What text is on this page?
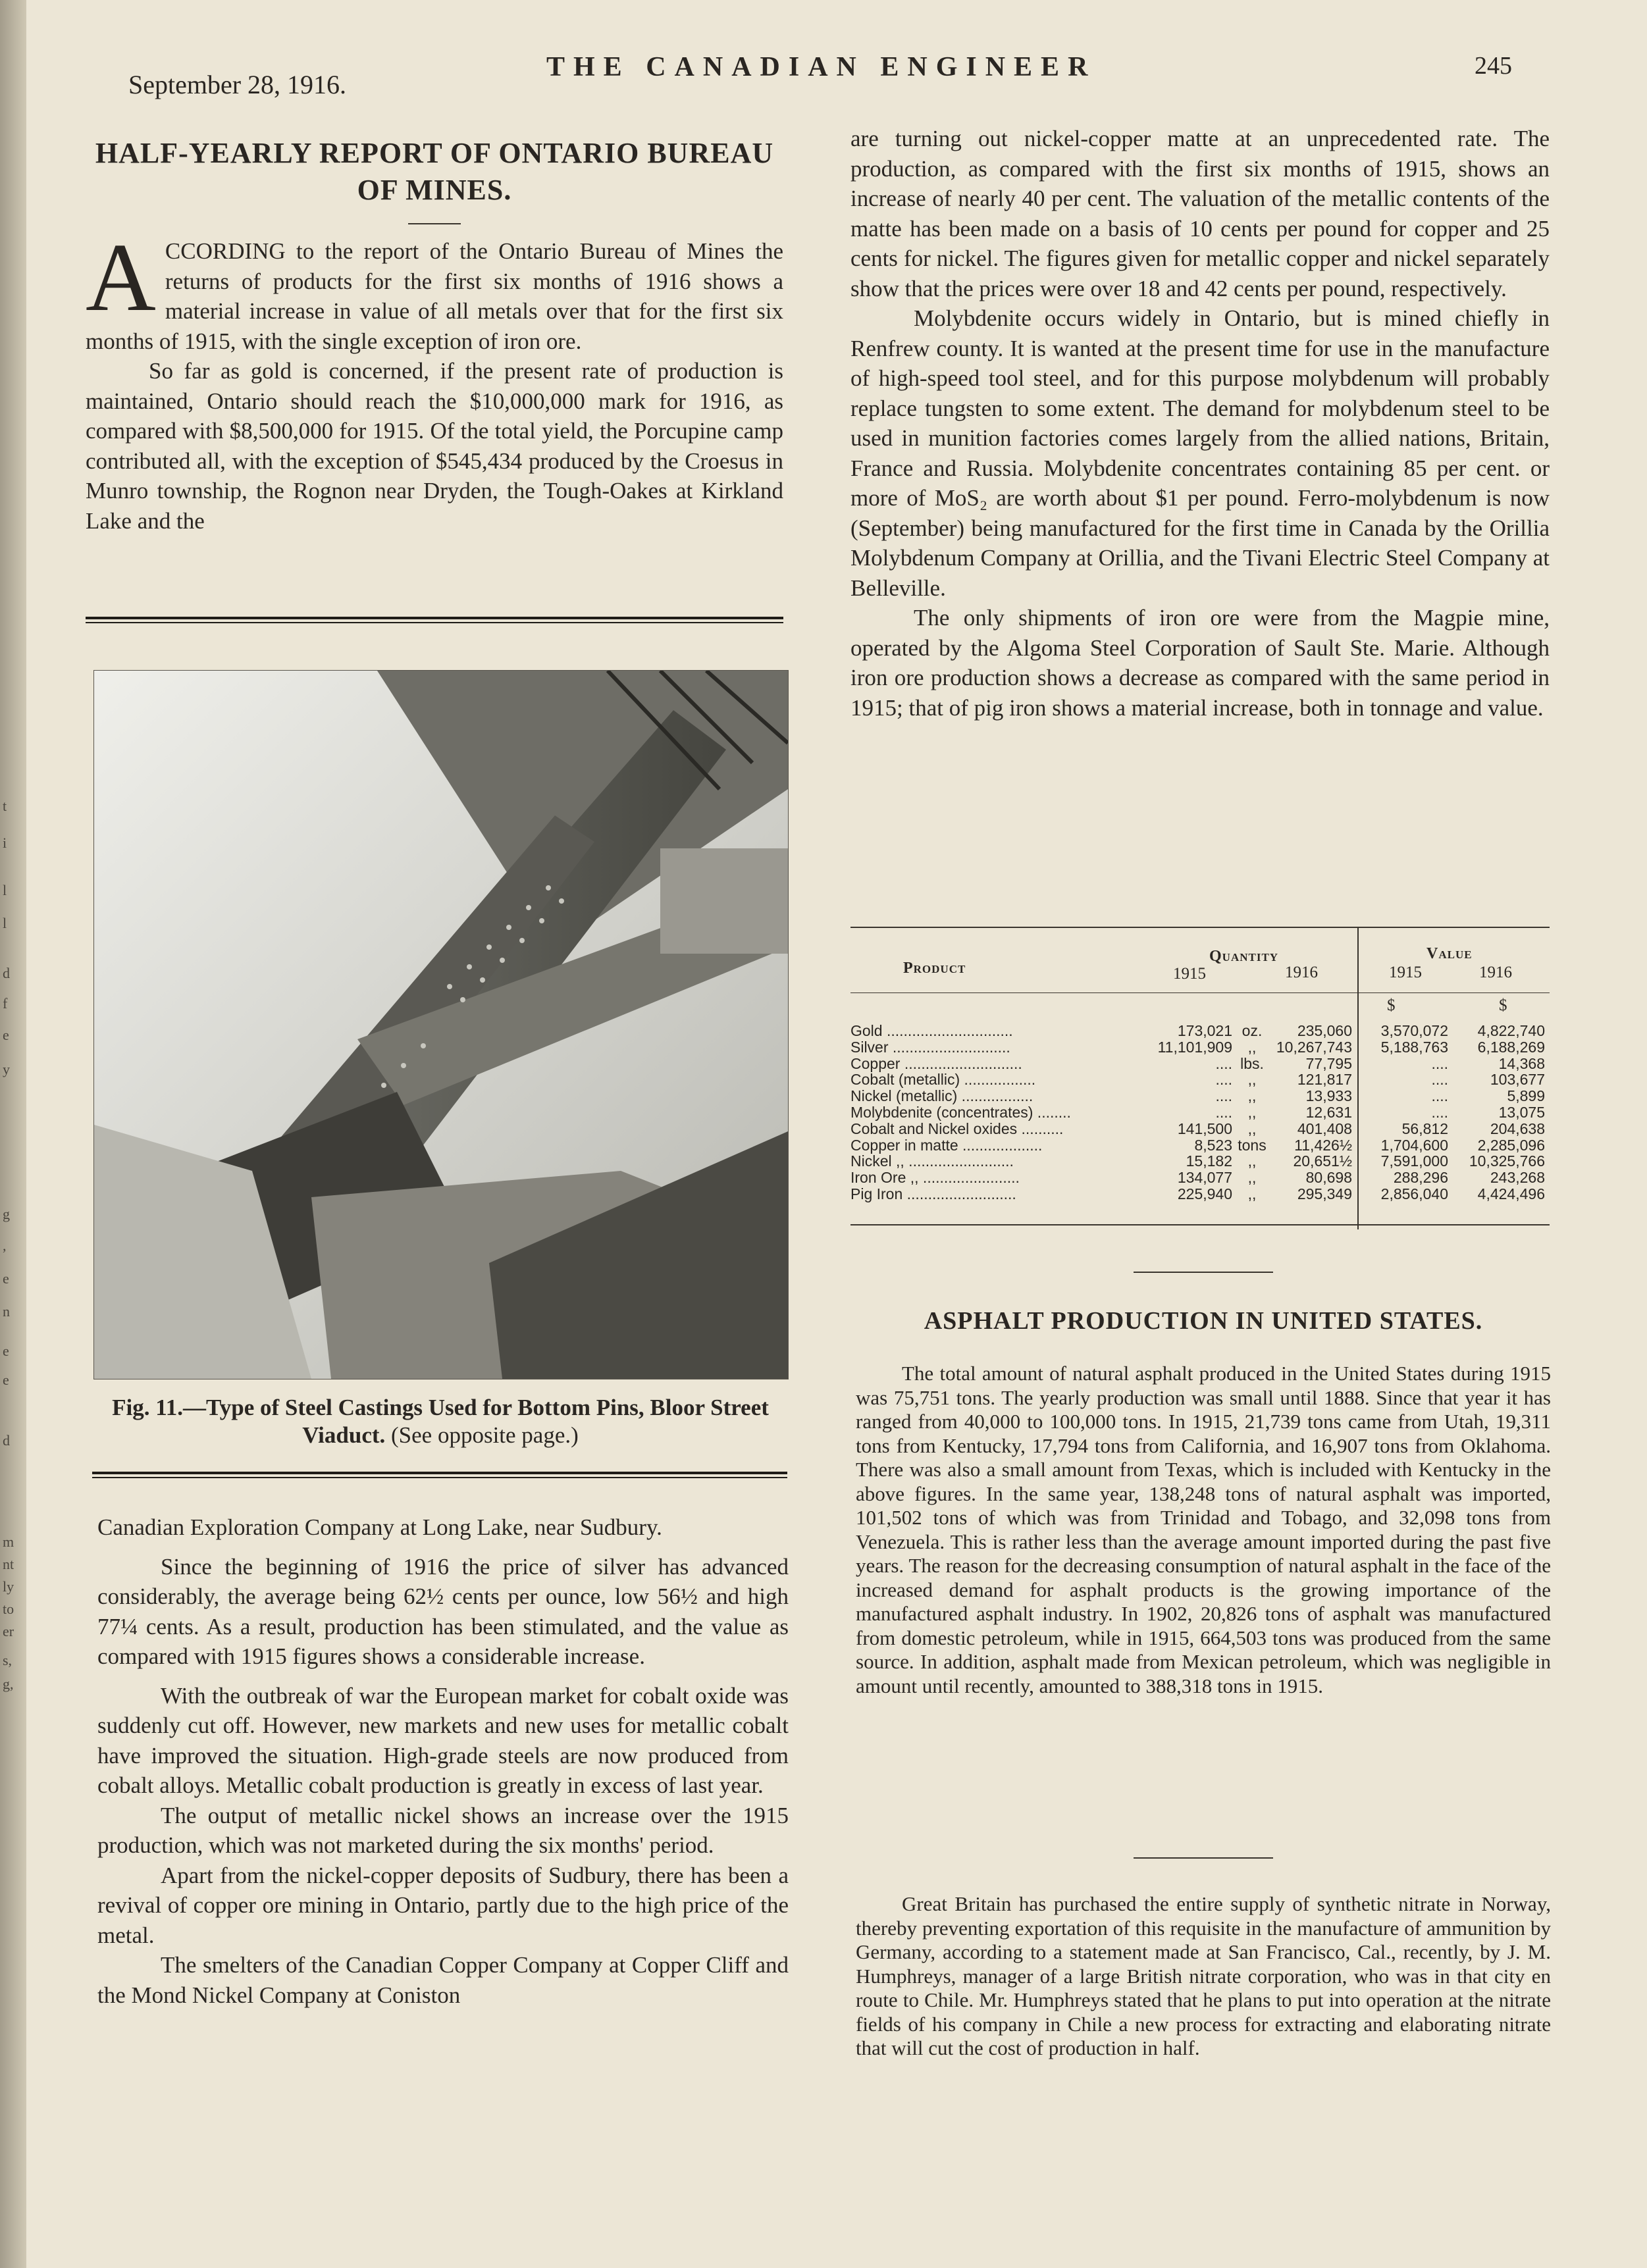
t
i
l
l
d
f
e
y
g
,
e
n
e
e
d
m
nt
ly
to
er
s,
g,
September 28, 1916.
THE CANADIAN ENGINEER	245
HALF-YEARLY REPORT OF ONTARIO BUREAU OF MINES.

ACCORDING to the report of the Ontario Bureau of Mines the returns of products for the first six months of 1916 shows a material increase in value of all metals over that for the first six months of 1915, with the single exception of iron ore.

So far as gold is concerned, if the present rate of production is maintained, Ontario should reach the $10,000,000 mark for 1916, as compared with $8,500,000 for 1915. Of the total yield, the Porcupine camp contributed all, with the exception of $545,434 produced by the Croesus in Munro township, the Rognon near Dryden, the Tough-Oakes at Kirkland Lake and the

Fig. 11.—Type of Steel Castings Used for Bottom Pins, Bloor Street Viaduct. (See opposite page.)

Canadian Exploration Company at Long Lake, near Sudbury.

Since the beginning of 1916 the price of silver has advanced considerably, the average being 62½ cents per ounce, low 56½ and high 77¼ cents. As a result, production has been stimulated, and the value as compared with 1915 figures shows a considerable increase.

With the outbreak of war the European market for cobalt oxide was suddenly cut off. However, new markets and new uses for metallic cobalt have improved the situation. High-grade steels are now produced from cobalt alloys. Metallic cobalt production is greatly in excess of last year.

The output of metallic nickel shows an increase over the 1915 production, which was not marketed during the six months' period.

Apart from the nickel-copper deposits of Sudbury, there has been a revival of copper ore mining in Ontario, partly due to the high price of the metal.

The smelters of the Canadian Copper Company at Copper Cliff and the Mond Nickel Company at Coniston

are turning out nickel-copper matte at an unprecedented rate. The production, as compared with the first six months of 1915, shows an increase of nearly 40 per cent. The valuation of the metallic contents of the matte has been made on a basis of 10 cents per pound for copper and 25 cents for nickel. The figures given for metallic copper and nickel separately show that the prices were over 18 and 42 cents per pound, respectively.

Molybdenite occurs widely in Ontario, but is mined chiefly in Renfrew county. It is wanted at the present time for use in the manufacture of high-speed tool steel, and for this purpose molybdenum will probably replace tungsten to some extent. The demand for molybdenum steel to be used in munition factories comes largely from the allied nations, Britain, France and Russia. Molybdenite concentrates containing 85 per cent. or more of MoS₂ are worth about $1 per pound. Ferro-molybdenum is now (September) being manufactured for the first time in Canada by the Orillia Molybdenum Company at Orillia, and the Tivani Electric Steel Company at Belleville.

The only shipments of iron ore were from the Magpie mine, operated by the Algoma Steel Corporation of Sault Ste. Marie. Although iron ore production shows a decrease as compared with the same period in 1915; that of pig iron shows a material increase, both in tonnage and value.

Product
Quantity	Value
1915	1916	1915	1916
$	$
Gold ..............................	173,021 oz.	235,060	3,570,072	4,822,740
Silver ............................	11,101,909	,,	10,267,743	5,188,763	6,188,269
Copper ............................	.... lbs.	77,795	....	14,368
Cobalt (metallic) .................	....	,,	121,817	....	103,677
Nickel (metallic) .................	....	,,	13,933	....	5,899
Molybdenite (concentrates) ........	....	,,	12,631	....	13,075
Cobalt and Nickel oxides ..........	141,500	,,	401,408	56,812	204,638
Copper in matte ...................	8,523 tons	11,426½	1,704,600	2,285,096
Nickel ,, .........................	15,182	,,	20,651½	7,591,000	10,325,766
Iron Ore ,, .......................	134,077	,,	80,698	288,296	243,268
Pig Iron ..........................	225,940	,,	295,349	2,856,040	4,424,496
ASPHALT PRODUCTION IN UNITED STATES.

The total amount of natural asphalt produced in the United States during 1915 was 75,751 tons. The yearly production was small until 1888. Since that year it has ranged from 40,000 to 100,000 tons. In 1915, 21,739 tons came from Utah, 19,311 tons from Kentucky, 17,794 tons from California, and 16,907 tons from Oklahoma. There was also a small amount from Texas, which is included with Kentucky in the above figures. In the same year, 138,248 tons of natural asphalt was imported, 101,502 tons of which was from Trinidad and Tobago, and 32,098 tons from Venezuela. This is rather less than the average amount imported during the past five years. The reason for the decreasing consumption of natural asphalt in the face of the increased demand for asphalt products is the growing importance of the manufactured asphalt industry. In 1902, 20,826 tons of asphalt was manufactured from domestic petroleum, while in 1915, 664,503 tons was produced from the same source. In addition, asphalt made from Mexican petroleum, which was negligible in amount until recently, amounted to 388,318 tons in 1915.

Great Britain has purchased the entire supply of synthetic nitrate in Norway, thereby preventing exportation of this requisite in the manufacture of ammunition by Germany, according to a statement made at San Francisco, Cal., recently, by J. M. Humphreys, manager of a large British nitrate corporation, who was in that city en route to Chile. Mr. Humphreys stated that he plans to put into operation at the nitrate fields of his company in Chile a new process for extracting and elaborating nitrate that will cut the cost of production in half.
